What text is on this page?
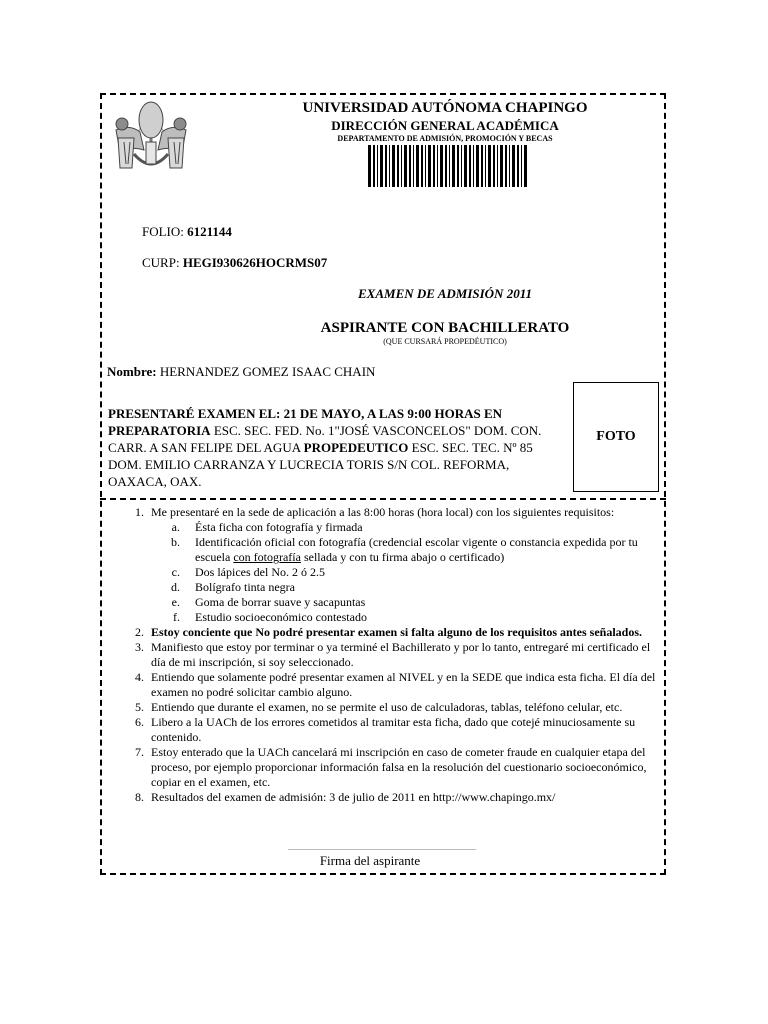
UNIVERSIDAD AUTÓNOMA CHAPINGO
DIRECCIÓN GENERAL ACADÉMICA
DEPARTAMENTO DE ADMISIÓN, PROMOCIÓN Y BECAS
FOLIO: 6121144
CURP: HEGI930626HOCRMS07
EXAMEN DE ADMISIÓN 2011
ASPIRANTE CON BACHILLERATO
(QUE CURSARÁ PROPEDÉUTICO)
Nombre: HERNANDEZ GOMEZ ISAAC CHAIN
PRESENTARÉ EXAMEN EL: 21 DE MAYO, A LAS 9:00 HORAS EN
PREPARATORIA ESC. SEC. FED. No. 1"JOSÉ VASCONCELOS" DOM. CON. CARR. A SAN FELIPE DEL AGUA PROPEDEUTICO ESC. SEC. TEC. Nº 85 DOM. EMILIO CARRANZA Y LUCRECIA TORIS S/N COL. REFORMA, OAXACA, OAX.
FOTO
1. Me presentaré en la sede de aplicación a las 8:00 horas (hora local) con los siguientes requisitos:
a. Ésta ficha con fotografía y firmada
b. Identificación oficial con fotografía (credencial escolar vigente o constancia expedida por tu escuela con fotografía sellada y con tu firma abajo o certificado)
c. Dos lápices del No. 2 ó 2.5
d. Bolígrafo tinta negra
e. Goma de borrar suave y sacapuntas
f. Estudio socioeconómico contestado
2. Estoy conciente que No podré presentar examen si falta alguno de los requisitos antes señalados.
3. Manifiesto que estoy por terminar o ya terminé el Bachillerato y por lo tanto, entregaré mi certificado el día de mi inscripción, si soy seleccionado.
4. Entiendo que solamente podré presentar examen al NIVEL y en la SEDE que indica esta ficha. El día del examen no podré solicitar cambio alguno.
5. Entiendo que durante el examen, no se permite el uso de calculadoras, tablas, teléfono celular, etc.
6. Libero a la UACh de los errores cometidos al tramitar esta ficha, dado que cotejé minuciosamente su contenido.
7. Estoy enterado que la UACh cancelará mi inscripción en caso de cometer fraude en cualquier etapa del proceso, por ejemplo proporcionar información falsa en la resolución del cuestionario socioeconómico, copiar en el examen, etc.
8. Resultados del examen de admisión: 3 de julio de 2011 en http://www.chapingo.mx/
Firma del aspirante
